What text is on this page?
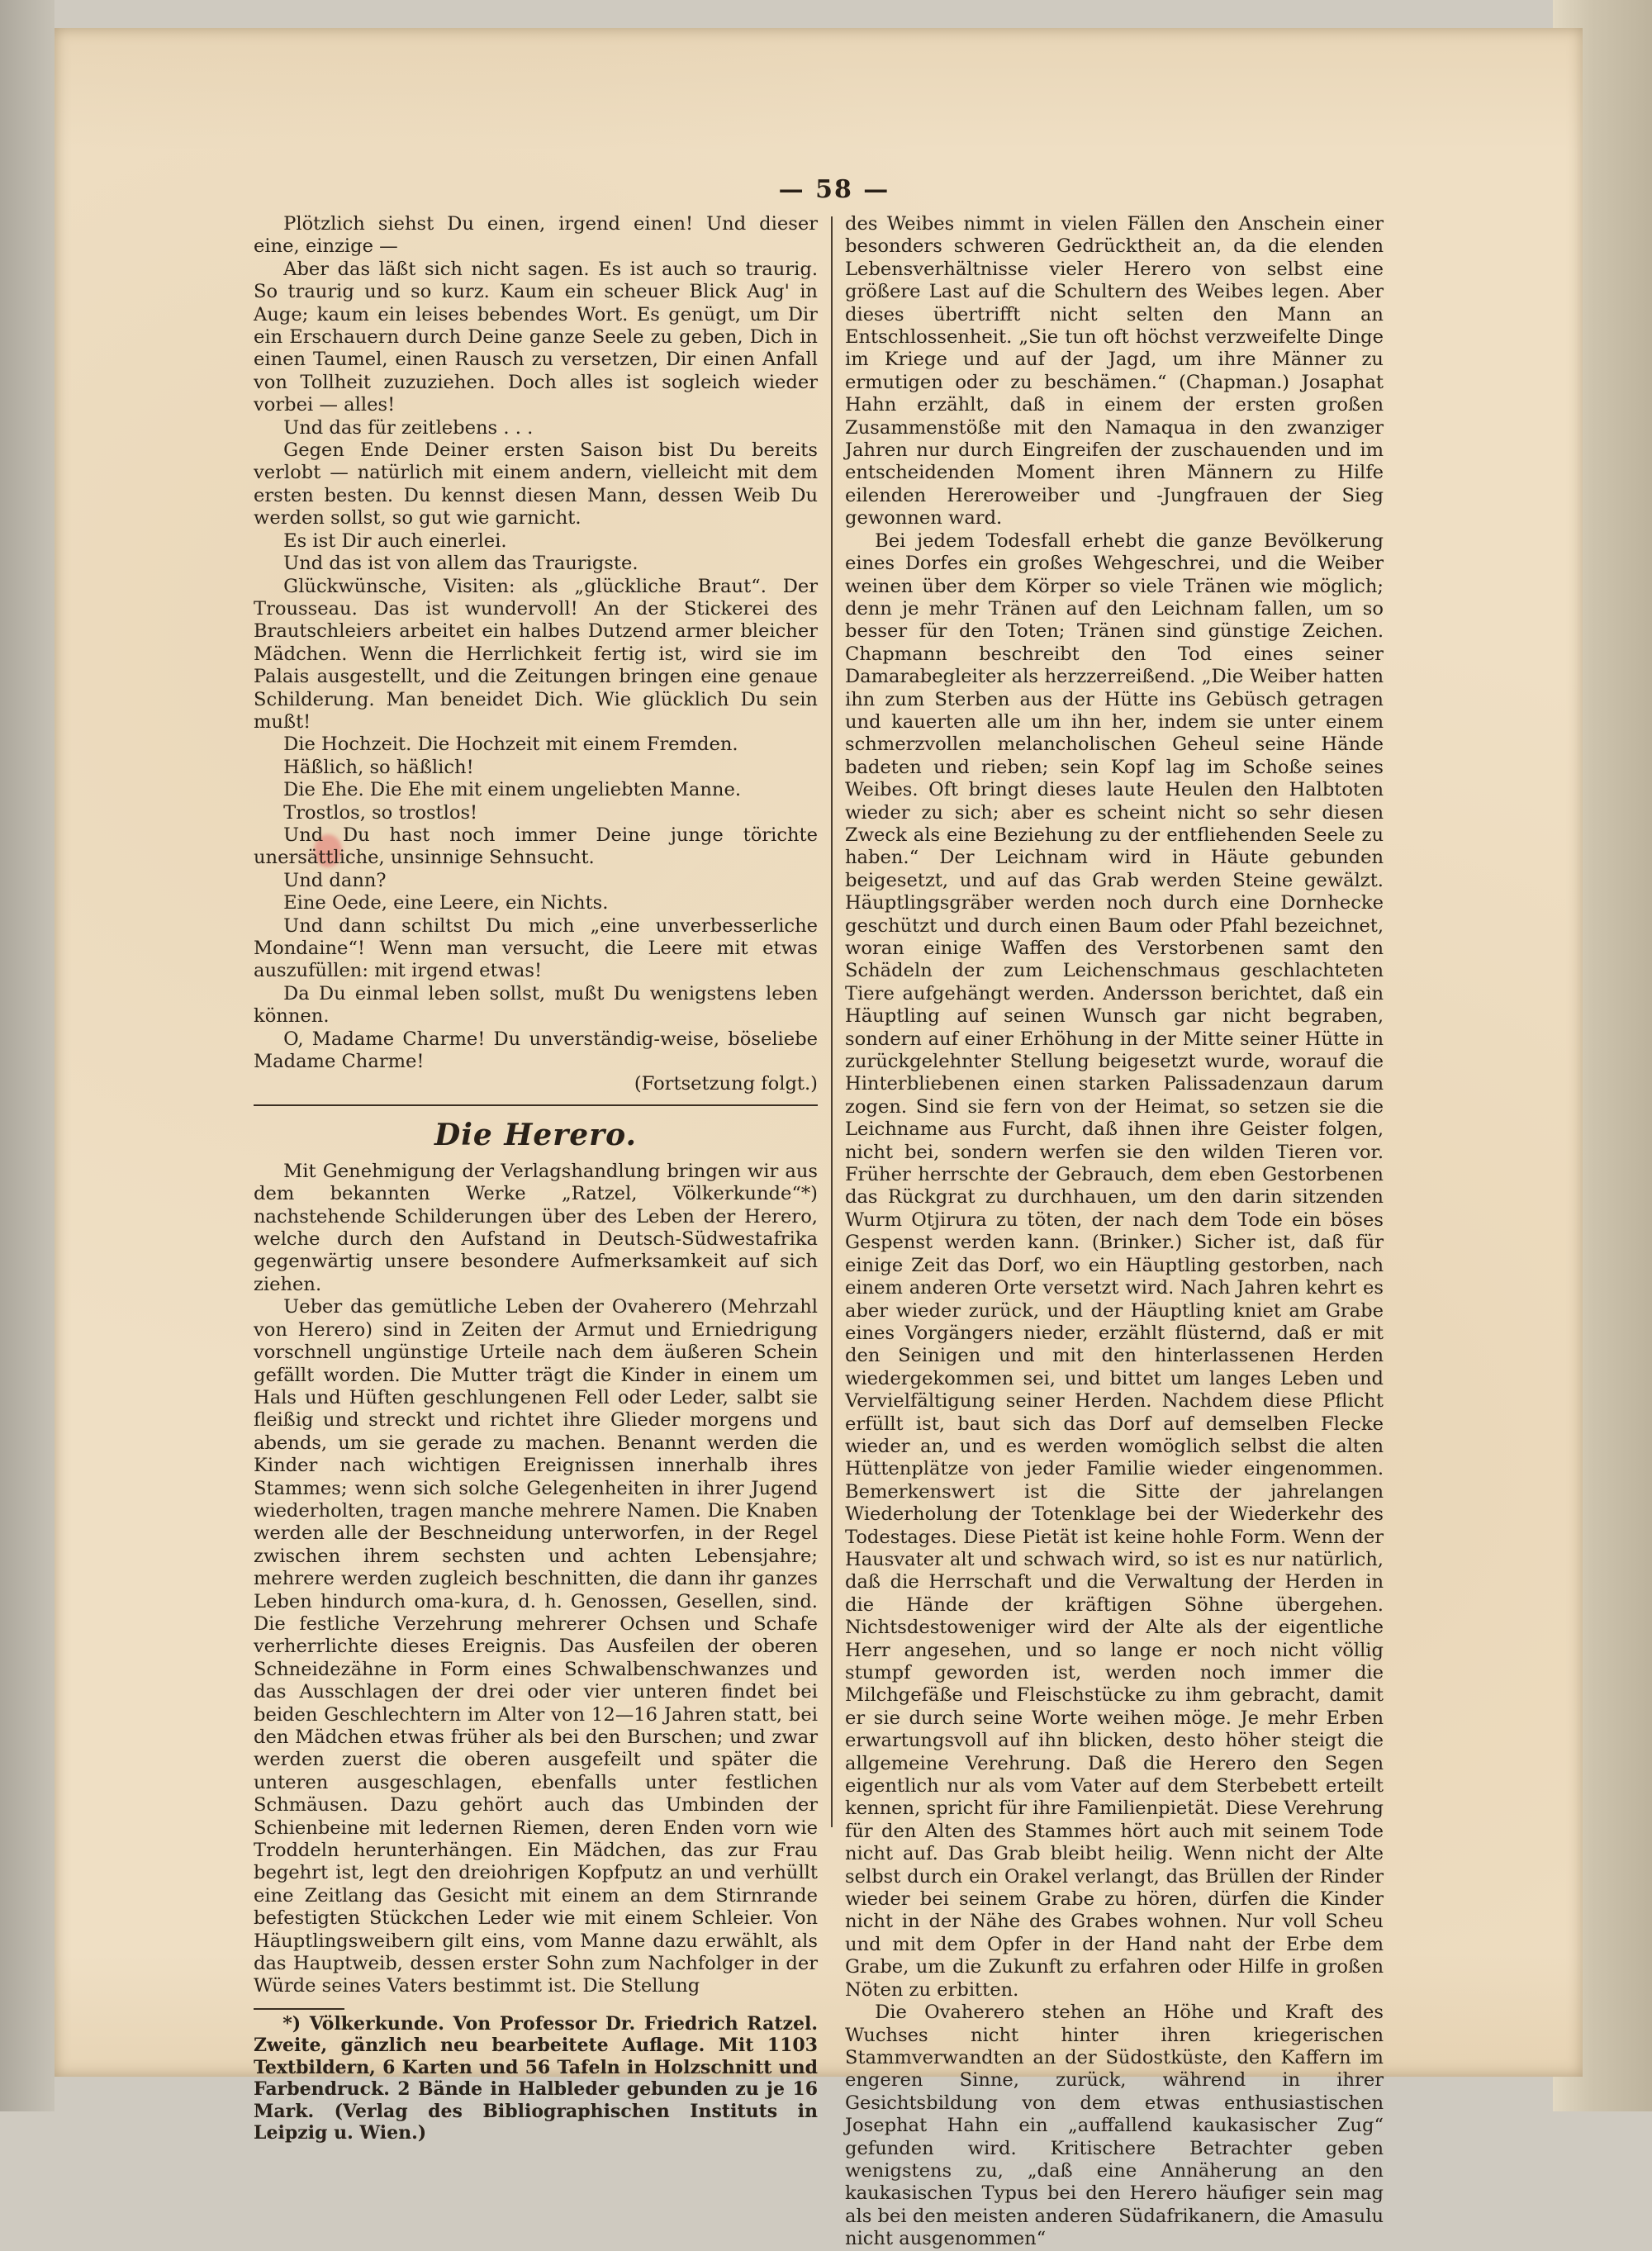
— 58 —

Plötzlich siehst Du einen, irgend einen! Und dieser eine, einzige —

Aber das läßt sich nicht sagen. Es ist auch so traurig. So traurig und so kurz. Kaum ein scheuer Blick Aug' in Auge; kaum ein leises bebendes Wort. Es genügt, um Dir ein Erschauern durch Deine ganze Seele zu geben, Dich in einen Taumel, einen Rausch zu versetzen, Dir einen Anfall von Tollheit zuzuziehen. Doch alles ist sogleich wieder vorbei — alles!

Und das für zeitlebens . . .

Gegen Ende Deiner ersten Saison bist Du bereits verlobt — natürlich mit einem andern, vielleicht mit dem ersten besten. Du kennst diesen Mann, dessen Weib Du werden sollst, so gut wie garnicht.

Es ist Dir auch einerlei.

Und das ist von allem das Traurigste.

Glückwünsche, Visiten: als „glückliche Braut“. Der Trousseau. Das ist wundervoll! An der Stickerei des Brautschleiers arbeitet ein halbes Dutzend armer bleicher Mädchen. Wenn die Herrlichkeit fertig ist, wird sie im Palais ausgestellt, und die Zeitungen bringen eine genaue Schilderung. Man beneidet Dich. Wie glücklich Du sein mußt!

Die Hochzeit. Die Hochzeit mit einem Fremden.

Häßlich, so häßlich!

Die Ehe. Die Ehe mit einem ungeliebten Manne.

Trostlos, so trostlos!

Und Du hast noch immer Deine junge törichte unersättliche, unsinnige Sehnsucht.

Und dann?

Eine Oede, eine Leere, ein Nichts.

Und dann schiltst Du mich „eine unverbesserliche Mondaine“! Wenn man versucht, die Leere mit etwas auszufüllen: mit irgend etwas!

Da Du einmal leben sollst, mußt Du wenigstens leben können.

O, Madame Charme! Du unverständig-weise, böseliebe Madame Charme!

(Fortsetzung folgt.)

Die Herero.

Mit Genehmigung der Verlagshandlung bringen wir aus dem bekannten Werke „Ratzel, Völkerkunde“*) nachstehende Schilderungen über des Leben der Herero, welche durch den Aufstand in Deutsch-Südwestafrika gegenwärtig unsere besondere Aufmerksamkeit auf sich ziehen.

Ueber das gemütliche Leben der Ovaherero (Mehrzahl von Herero) sind in Zeiten der Armut und Erniedrigung vorschnell ungünstige Urteile nach dem äußeren Schein gefällt worden. Die Mutter trägt die Kinder in einem um Hals und Hüften geschlungenen Fell oder Leder, salbt sie fleißig und streckt und richtet ihre Glieder morgens und abends, um sie gerade zu machen. Benannt werden die Kinder nach wichtigen Ereignissen innerhalb ihres Stammes; wenn sich solche Gelegenheiten in ihrer Jugend wiederholten, tragen manche mehrere Namen. Die Knaben werden alle der Beschneidung unterworfen, in der Regel zwischen ihrem sechsten und achten Lebensjahre; mehrere werden zugleich beschnitten, die dann ihr ganzes Leben hindurch oma-kura, d. h. Genossen, Gesellen, sind. Die festliche Verzehrung mehrerer Ochsen und Schafe verherrlichte dieses Ereignis. Das Ausfeilen der oberen Schneidezähne in Form eines Schwalbenschwanzes und das Ausschlagen der drei oder vier unteren findet bei beiden Geschlechtern im Alter von 12—16 Jahren statt, bei den Mädchen etwas früher als bei den Burschen; und zwar werden zuerst die oberen ausgefeilt und später die unteren ausgeschlagen, ebenfalls unter festlichen Schmäusen. Dazu gehört auch das Umbinden der Schienbeine mit ledernen Riemen, deren Enden vorn wie Troddeln herunterhängen. Ein Mädchen, das zur Frau begehrt ist, legt den dreiohrigen Kopfputz an und verhüllt eine Zeitlang das Gesicht mit einem an dem Stirnrande befestigten Stückchen Leder wie mit einem Schleier. Von Häuptlingsweibern gilt eins, vom Manne dazu erwählt, als das Hauptweib, dessen erster Sohn zum Nachfolger in der Würde seines Vaters bestimmt ist. Die Stellung

*) Völkerkunde. Von Professor Dr. Friedrich Ratzel. Zweite, gänzlich neu bearbeitete Auflage. Mit 1103 Textbildern, 6 Karten und 56 Tafeln in Holzschnitt und Farbendruck. 2 Bände in Halbleder gebunden zu je 16 Mark. (Verlag des Bibliographischen Instituts in Leipzig u. Wien.)

des Weibes nimmt in vielen Fällen den Anschein einer besonders schweren Gedrücktheit an, da die elenden Lebensverhältnisse vieler Herero von selbst eine größere Last auf die Schultern des Weibes legen. Aber dieses übertrifft nicht selten den Mann an Entschlossenheit. „Sie tun oft höchst verzweifelte Dinge im Kriege und auf der Jagd, um ihre Männer zu ermutigen oder zu beschämen.“ (Chapman.) Josaphat Hahn erzählt, daß in einem der ersten großen Zusammenstöße mit den Namaqua in den zwanziger Jahren nur durch Eingreifen der zuschauenden und im entscheidenden Moment ihren Männern zu Hilfe eilenden Hereroweiber und -Jungfrauen der Sieg gewonnen ward.

Bei jedem Todesfall erhebt die ganze Bevölkerung eines Dorfes ein großes Wehgeschrei, und die Weiber weinen über dem Körper so viele Tränen wie möglich; denn je mehr Tränen auf den Leichnam fallen, um so besser für den Toten; Tränen sind günstige Zeichen. Chapmann beschreibt den Tod eines seiner Damarabegleiter als herzzerreißend. „Die Weiber hatten ihn zum Sterben aus der Hütte ins Gebüsch getragen und kauerten alle um ihn her, indem sie unter einem schmerzvollen melancholischen Geheul seine Hände badeten und rieben; sein Kopf lag im Schoße seines Weibes. Oft bringt dieses laute Heulen den Halbtoten wieder zu sich; aber es scheint nicht so sehr diesen Zweck als eine Beziehung zu der entfliehenden Seele zu haben.“ Der Leichnam wird in Häute gebunden beigesetzt, und auf das Grab werden Steine gewälzt. Häuptlingsgräber werden noch durch eine Dornhecke geschützt und durch einen Baum oder Pfahl bezeichnet, woran einige Waffen des Verstorbenen samt den Schädeln der zum Leichenschmaus geschlachteten Tiere aufgehängt werden. Andersson berichtet, daß ein Häuptling auf seinen Wunsch gar nicht begraben, sondern auf einer Erhöhung in der Mitte seiner Hütte in zurückgelehnter Stellung beigesetzt wurde, worauf die Hinterbliebenen einen starken Palissadenzaun darum zogen. Sind sie fern von der Heimat, so setzen sie die Leichname aus Furcht, daß ihnen ihre Geister folgen, nicht bei, sondern werfen sie den wilden Tieren vor. Früher herrschte der Gebrauch, dem eben Gestorbenen das Rückgrat zu durchhauen, um den darin sitzenden Wurm Otjirura zu töten, der nach dem Tode ein böses Gespenst werden kann. (Brinker.) Sicher ist, daß für einige Zeit das Dorf, wo ein Häuptling gestorben, nach einem anderen Orte versetzt wird. Nach Jahren kehrt es aber wieder zurück, und der Häuptling kniet am Grabe eines Vorgängers nieder, erzählt flüsternd, daß er mit den Seinigen und mit den hinterlassenen Herden wiedergekommen sei, und bittet um langes Leben und Vervielfältigung seiner Herden. Nachdem diese Pflicht erfüllt ist, baut sich das Dorf auf demselben Flecke wieder an, und es werden womöglich selbst die alten Hüttenplätze von jeder Familie wieder eingenommen. Bemerkenswert ist die Sitte der jahrelangen Wiederholung der Totenklage bei der Wiederkehr des Todestages. Diese Pietät ist keine hohle Form. Wenn der Hausvater alt und schwach wird, so ist es nur natürlich, daß die Herrschaft und die Verwaltung der Herden in die Hände der kräftigen Söhne übergehen. Nichtsdestoweniger wird der Alte als der eigentliche Herr angesehen, und so lange er noch nicht völlig stumpf geworden ist, werden noch immer die Milchgefäße und Fleischstücke zu ihm gebracht, damit er sie durch seine Worte weihen möge. Je mehr Erben erwartungsvoll auf ihn blicken, desto höher steigt die allgemeine Verehrung. Daß die Herero den Segen eigentlich nur als vom Vater auf dem Sterbebett erteilt kennen, spricht für ihre Familienpietät. Diese Verehrung für den Alten des Stammes hört auch mit seinem Tode nicht auf. Das Grab bleibt heilig. Wenn nicht der Alte selbst durch ein Orakel verlangt, das Brüllen der Rinder wieder bei seinem Grabe zu hören, dürfen die Kinder nicht in der Nähe des Grabes wohnen. Nur voll Scheu und mit dem Opfer in der Hand naht der Erbe dem Grabe, um die Zukunft zu erfahren oder Hilfe in großen Nöten zu erbitten.

Die Ovaherero stehen an Höhe und Kraft des Wuchses nicht hinter ihren kriegerischen Stammverwandten an der Südostküste, den Kaffern im engeren Sinne, zurück, während in ihrer Gesichtsbildung von dem etwas enthusiastischen Josephat Hahn ein „auffallend kaukasischer Zug“ gefunden wird. Kritischere Betrachter geben wenigstens zu, „daß eine Annäherung an den kaukasischen Typus bei den Herero häufiger sein mag als bei den meisten anderen Südafrikanern, die Amasulu nicht ausgenommen“
